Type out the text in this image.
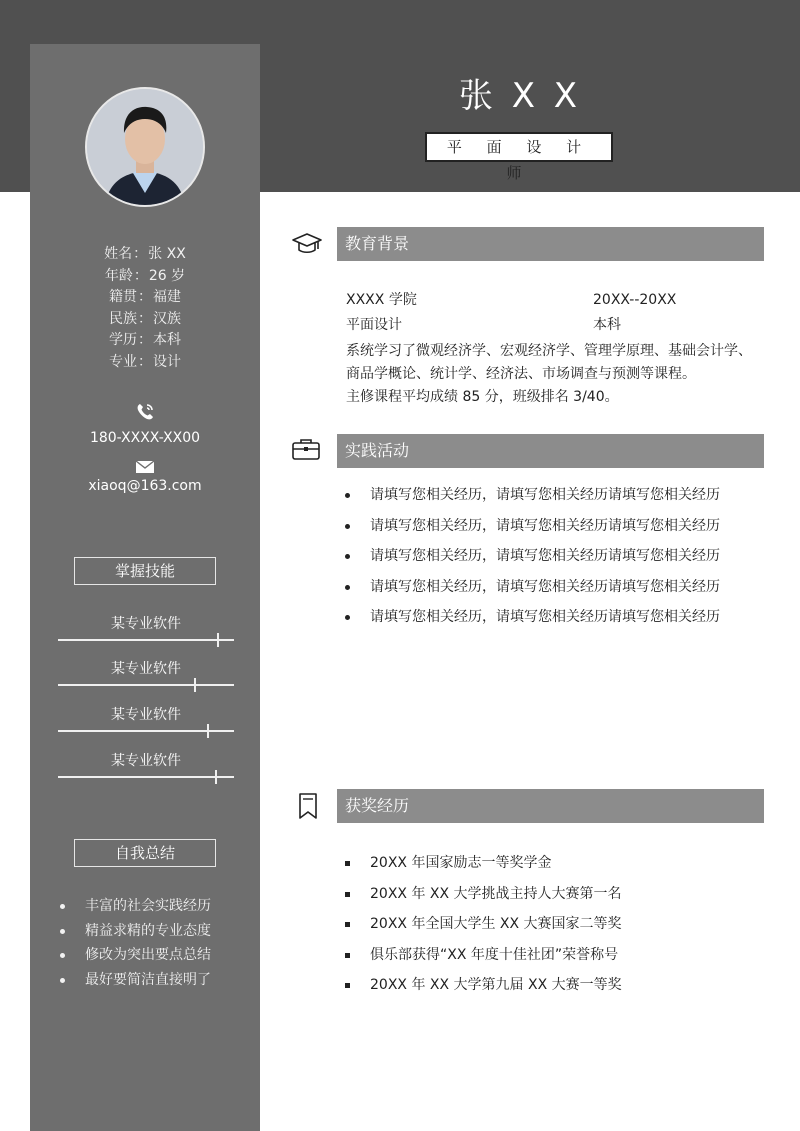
姓名：张 XX
年龄：26 岁
籍贯：福建
民族：汉族
学历：本科
专业：设计
180-XXXX-XX00
xiaoq@163.com
掌握技能
某专业软件
某专业软件
某专业软件
某专业软件
自我总结
丰富的社会实践经历
精益求精的专业态度
修改为突出要点总结
最好要简洁直接明了
张 X X
平 面 设 计 师
教育背景
XXXX 学院	20XX--20XX
平面设计	本科
系统学习了微观经济学、宏观经济学、管理学原理、基础会计学、
商品学概论、统计学、经济法、市场调查与预测等课程。
主修课程平均成绩 85 分，班级排名 3/40。
实践活动
请填写您相关经历，请填写您相关经历请填写您相关经历
请填写您相关经历，请填写您相关经历请填写您相关经历
请填写您相关经历，请填写您相关经历请填写您相关经历
请填写您相关经历，请填写您相关经历请填写您相关经历
请填写您相关经历，请填写您相关经历请填写您相关经历
获奖经历
20XX 年国家励志一等奖学金
20XX 年 XX 大学挑战主持人大赛第一名
20XX 年全国大学生 XX 大赛国家二等奖
俱乐部获得“XX 年度十佳社团”荣誉称号
20XX 年 XX 大学第九届 XX 大赛一等奖
